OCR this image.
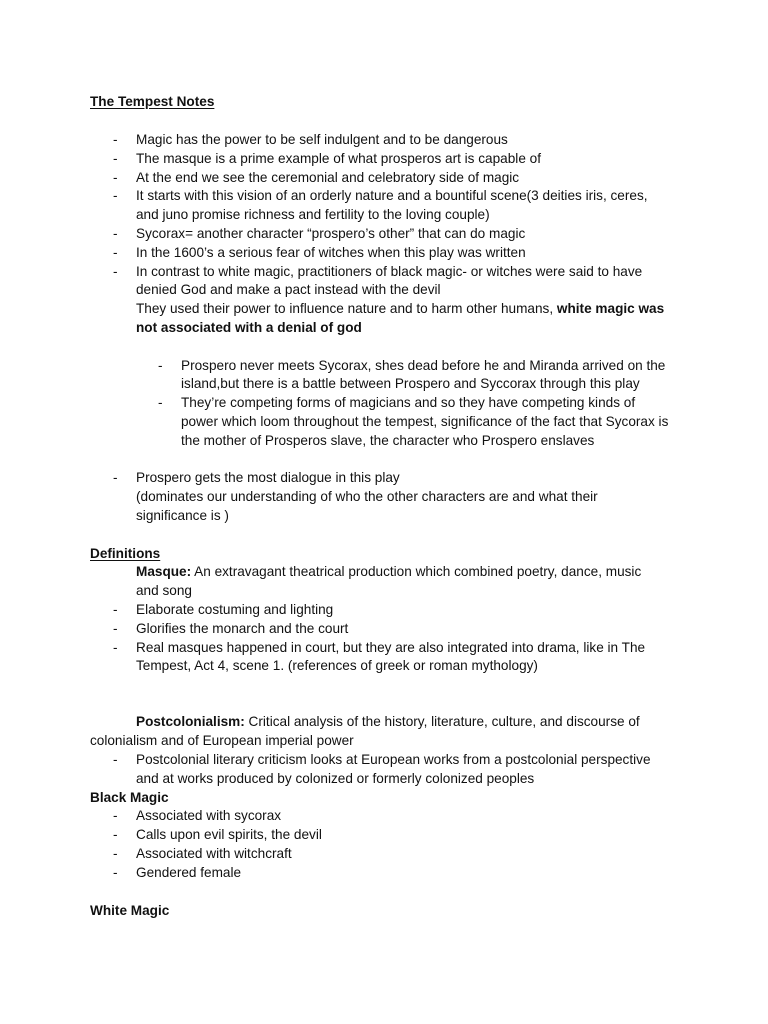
The Tempest Notes
- Magic has the power to be self indulgent and to be dangerous
- The masque is a prime example of what prosperos art is capable of
- At the end we see the ceremonial and celebratory side of magic
- It starts with this vision of an orderly nature and a bountiful scene(3 deities iris, ceres,
and juno promise richness and fertility to the loving couple)
- Sycorax= another character “prospero’s other” that can do magic
- In the 1600’s a serious fear of witches when this play was written
- In contrast to white magic, practitioners of black magic- or witches were said to have
denied God and make a pact instead with the devil
They used their power to influence nature and to harm other humans, white magic was
not associated with a denial of god
- Prospero never meets Sycorax, shes dead before he and Miranda arrived on the
island,but there is a battle between Prospero and Syccorax through this play
- They’re competing forms of magicians and so they have competing kinds of
power which loom throughout the tempest, significance of the fact that Sycorax is
the mother of Prosperos slave, the character who Prospero enslaves
- Prospero gets the most dialogue in this play
(dominates our understanding of who the other characters are and what their
significance is )
Definitions
Masque: An extravagant theatrical production which combined poetry, dance, music
and song
- Elaborate costuming and lighting
- Glorifies the monarch and the court
- Real masques happened in court, but they are also integrated into drama, like in The
Tempest, Act 4, scene 1. (references of greek or roman mythology)
Postcolonialism: Critical analysis of the history, literature, culture, and discourse of
colonialism and of European imperial power
- Postcolonial literary criticism looks at European works from a postcolonial perspective
and at works produced by colonized or formerly colonized peoples
Black Magic
- Associated with sycorax
- Calls upon evil spirits, the devil
- Associated with witchcraft
- Gendered female
White Magic
